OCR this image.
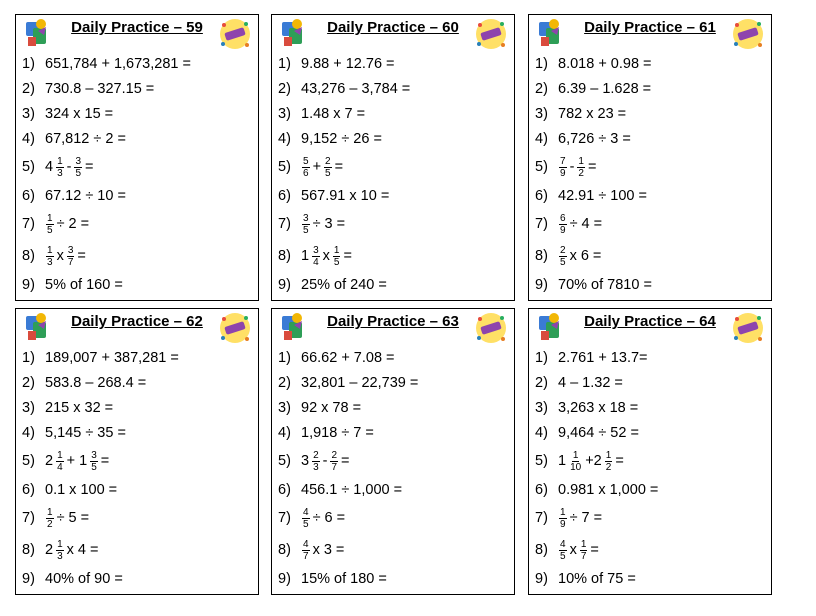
Daily Practice – 59
1) 651,784 + 1,673,281 =
2) 730.8 – 327.15 =
3) 324 x 15 =
4) 67,812 ÷ 2 =
5) $4 \frac{1}{3} - \frac{3}{5}$ =
6) 67.12 ÷ 10 =
7)	$\frac{1}{5} \div 2$ =
8)	$\frac{1}{3}$ x $\frac{3}{7}$ =
9) 5% of 160 =
Daily Practice – 60
1) 9.88 + 12.76 =
2) 43,276 – 3,784 =
3) 1.48 x 7 =
4) 9,152 ÷ 26 =
5)	$\frac{5}{6} + \frac{2}{5}$ =
6) 567.91 x 10 =
7)	$\frac{3}{5} \div 3$ =
8) $1 \frac{3}{4}$ x $\frac{1}{5}$ =
9) 25% of 240 =
Daily Practice – 61
1) 8.018 + 0.98 =
2) 6.39 – 1.628 =
3) 782 x 23 =
4) 6,726 ÷ 3 =
5)	$\frac{7}{9} - \frac{1}{2}$ =
6) 42.91 ÷ 100 =
7)	$\frac{6}{9} \div 4$ =
8)	$\frac{2}{5}$ x 6 =
9) 70% of 7810 =
Daily Practice – 62
1) 189,007 + 387,281 =
2) 583.8 – 268.4 =
3) 215 x 32 =
4) 5,145 ÷ 35 =
5) $2 \frac{1}{4} + 1 \frac{3}{5}$ =
6) 0.1 x 100 =
7)	$\frac{1}{2} \div 5$ =
8) $2 \frac{1}{3}$ x 4 =
9) 40% of 90 =
Daily Practice – 63
1) 66.62 + 7.08 =
2) 32,801 – 22,739 =
3) 92 x 78 =
4) 1,918 ÷ 7 =
5) $3 \frac{2}{3} - \frac{2}{7}$ =
6) 456.1 ÷ 1,000 =
7)	$\frac{4}{5} \div 6$ =
8)	$\frac{4}{7}$ x 3 =
9) 15% of 180 =
Daily Practice – 64
1) 2.761 + 13.7=
2) 4 – 1.32 =
3) 3,263 x 18 =
4) 9,464 ÷ 52 =
5) $1 \frac{1}{10} +2 \frac{1}{2}$ =
6) 0.981 x 1,000 =
7)	$\frac{1}{9} \div 7$ =
8)	$\frac{4}{5}$ x $\frac{1}{7}$ =
9) 10% of 75 =
